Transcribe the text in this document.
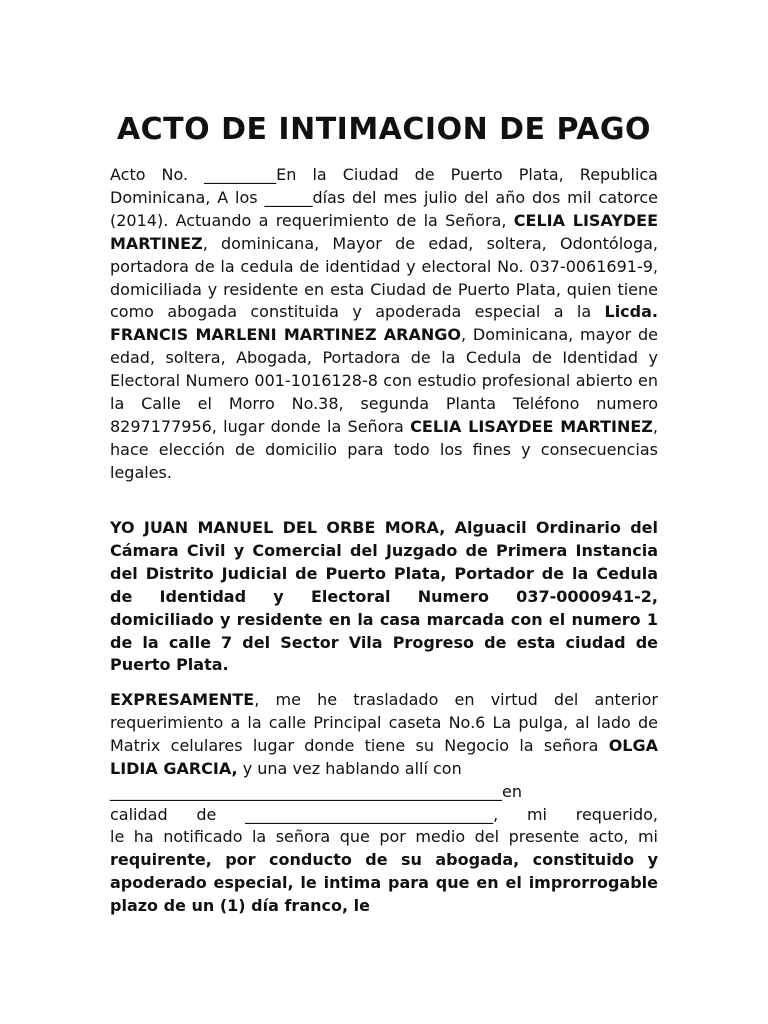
ACTO DE INTIMACION DE PAGO

Acto No. _________En la Ciudad de Puerto Plata, Republica Dominicana, A los ______días del mes julio del año dos mil catorce (2014). Actuando a requerimiento de la Señora, CELIA LISAYDEE MARTINEZ, dominicana, Mayor de edad, soltera, Odontóloga, portadora de la cedula de identidad y electoral No. 037-0061691-9, domiciliada y residente en esta Ciudad de Puerto Plata, quien tiene como abogada constituida y apoderada especial a la Licda. FRANCIS MARLENI MARTINEZ ARANGO, Dominicana, mayor de edad, soltera, Abogada, Portadora de la Cedula de Identidad y Electoral Numero 001-1016128-8 con estudio profesional abierto en la Calle el Morro No.38, segunda Planta Teléfono numero 8297177956, lugar donde la Señora CELIA LISAYDEE MARTINEZ, hace elección de domicilio para todo los fines y consecuencias legales.

YO JUAN MANUEL DEL ORBE MORA, Alguacil Ordinario del Cámara Civil y Comercial del Juzgado de Primera Instancia del Distrito Judicial de Puerto Plata, Portador de la Cedula de Identidad y Electoral Numero 037-0000941-2, domiciliado y residente en la casa marcada con el numero 1 de la calle 7 del Sector Vila Progreso de esta ciudad de Puerto Plata.

EXPRESAMENTE, me he trasladado en virtud del anterior requerimiento a la calle Principal caseta No.6 La pulga, al lado de Matrix celulares lugar donde tiene su Negocio la señora OLGA LIDIA GARCIA, y una vez hablando allí con
_________________________________________________en
calidad de _______________________________, mi requerido,
le ha notificado la señora que por medio del presente acto, mi requirente, por conducto de su abogada, constituido y apoderado especial, le intima para que en el improrrogable plazo de un (1) día franco, le
